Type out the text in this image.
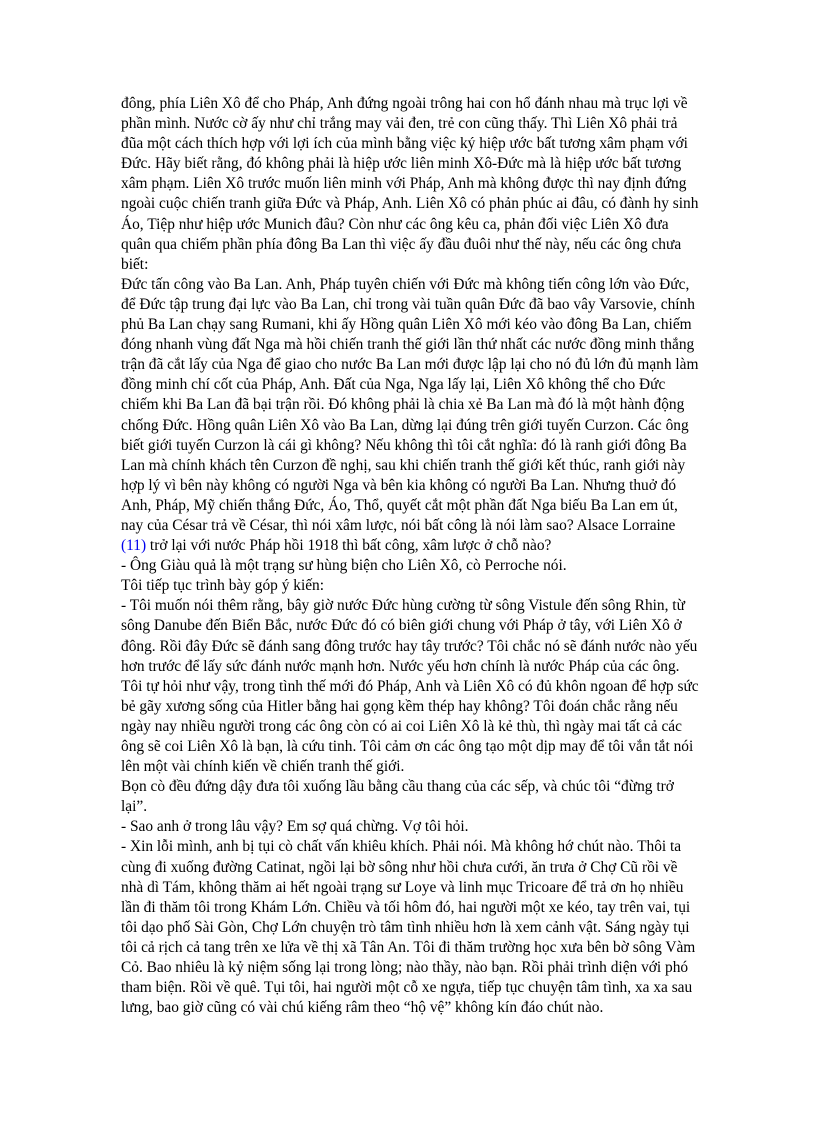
đông, phía Liên Xô để cho Pháp, Anh đứng ngoài trông hai con hổ đánh nhau mà trục lợi về phần mình. Nước cờ ấy như chỉ trắng may vải đen, trẻ con cũng thấy. Thì Liên Xô phải trả đũa một cách thích hợp với lợi ích của mình bằng việc ký hiệp ước bất tương xâm phạm với Đức. Hãy biết rằng, đó không phải là hiệp ước liên minh Xô-Đức mà là hiệp ước bất tương xâm phạm. Liên Xô trước muốn liên minh với Pháp, Anh mà không được thì nay định đứng ngoài cuộc chiến tranh giữa Đức và Pháp, Anh. Liên Xô có phản phúc ai đâu, có đành hy sinh Áo, Tiệp như hiệp ước Munich đâu? Còn như các ông kêu ca, phản đối việc Liên Xô đưa quân qua chiếm phần phía đông Ba Lan thì việc ấy đầu đuôi như thế này, nếu các ông chưa biết:

Đức tấn công vào Ba Lan. Anh, Pháp tuyên chiến với Đức mà không tiến công lớn vào Đức, để Đức tập trung đại lực vào Ba Lan, chỉ trong vài tuần quân Đức đã bao vây Varsovie, chính phủ Ba Lan chạy sang Rumani, khi ấy Hồng quân Liên Xô mới kéo vào đông Ba Lan, chiếm đóng nhanh vùng đất Nga mà hồi chiến tranh thế giới lần thứ nhất các nước đồng minh thắng trận đã cắt lấy của Nga để giao cho nước Ba Lan mới được lập lại cho nó đủ lớn đủ mạnh làm đồng minh chí cốt của Pháp, Anh. Đất của Nga, Nga lấy lại, Liên Xô không thể cho Đức chiếm khi Ba Lan đã bại trận rồi. Đó không phải là chia xẻ Ba Lan mà đó là một hành động chống Đức. Hồng quân Liên Xô vào Ba Lan, dừng lại đúng trên giới tuyến Curzon. Các ông biết giới tuyến Curzon là cái gì không? Nếu không thì tôi cắt nghĩa: đó là ranh giới đông Ba Lan mà chính khách tên Curzon đề nghị, sau khi chiến tranh thế giới kết thúc, ranh giới này hợp lý vì bên này không có người Nga và bên kia không có người Ba Lan. Nhưng thuở đó Anh, Pháp, Mỹ chiến thắng Đức, Áo, Thổ, quyết cắt một phần đất Nga biếu Ba Lan em út, nay của César trả về César, thì nói xâm lược, nói bất công là nói làm sao? Alsace Lorraine (11) trở lại với nước Pháp hồi 1918 thì bất công, xâm lược ở chỗ nào?

- Ông Giàu quả là một trạng sư hùng biện cho Liên Xô, cò Perroche nói.

Tôi tiếp tục trình bày góp ý kiến:

- Tôi muốn nói thêm rằng, bây giờ nước Đức hùng cường từ sông Vistule đến sông Rhin, từ sông Danube đến Biển Bắc, nước Đức đó có biên giới chung với Pháp ở tây, với Liên Xô ở đông. Rồi đây Đức sẽ đánh sang đông trước hay tây trước? Tôi chắc nó sẽ đánh nước nào yếu hơn trước để lấy sức đánh nước mạnh hơn. Nước yếu hơn chính là nước Pháp của các ông. Tôi tự hỏi như vậy, trong tình thế mới đó Pháp, Anh và Liên Xô có đủ khôn ngoan để hợp sức bẻ gãy xương sống của Hitler bằng hai gọng kềm thép hay không? Tôi đoán chắc rằng nếu ngày nay nhiều người trong các ông còn có ai coi Liên Xô là kẻ thù, thì ngày mai tất cả các ông sẽ coi Liên Xô là bạn, là cứu tinh. Tôi cảm ơn các ông tạo một dịp may để tôi vắn tắt nói lên một vài chính kiến về chiến tranh thế giới.

Bọn cò đều đứng dậy đưa tôi xuống lầu bằng cầu thang của các sếp, và chúc tôi “đừng trở lại”.

- Sao anh ở trong lâu vậy? Em sợ quá chừng. Vợ tôi hỏi.

- Xin lỗi mình, anh bị tụi cò chất vấn khiêu khích. Phải nói. Mà không hớ chút nào. Thôi ta cùng đi xuống đường Catinat, ngồi lại bờ sông như hồi chưa cưới, ăn trưa ở Chợ Cũ rồi về nhà dì Tám, không thăm ai hết ngoài trạng sư Loye và linh mục Tricoare để trả ơn họ nhiều lần đi thăm tôi trong Khám Lớn. Chiều và tối hôm đó, hai người một xe kéo, tay trên vai, tụi tôi dạo phố Sài Gòn, Chợ Lớn chuyện trò tâm tình nhiều hơn là xem cảnh vật. Sáng ngày tụi tôi cả rịch cả tang trên xe lửa về thị xã Tân An. Tôi đi thăm trường học xưa bên bờ sông Vàm Cỏ. Bao nhiêu là kỷ niệm sống lại trong lòng; nào thầy, nào bạn. Rồi phải trình diện với phó tham biện. Rồi về quê. Tụi tôi, hai người một cỗ xe ngựa, tiếp tục chuyện tâm tình, xa xa sau lưng, bao giờ cũng có vài chú kiếng râm theo “hộ vệ” không kín đáo chút nào.
